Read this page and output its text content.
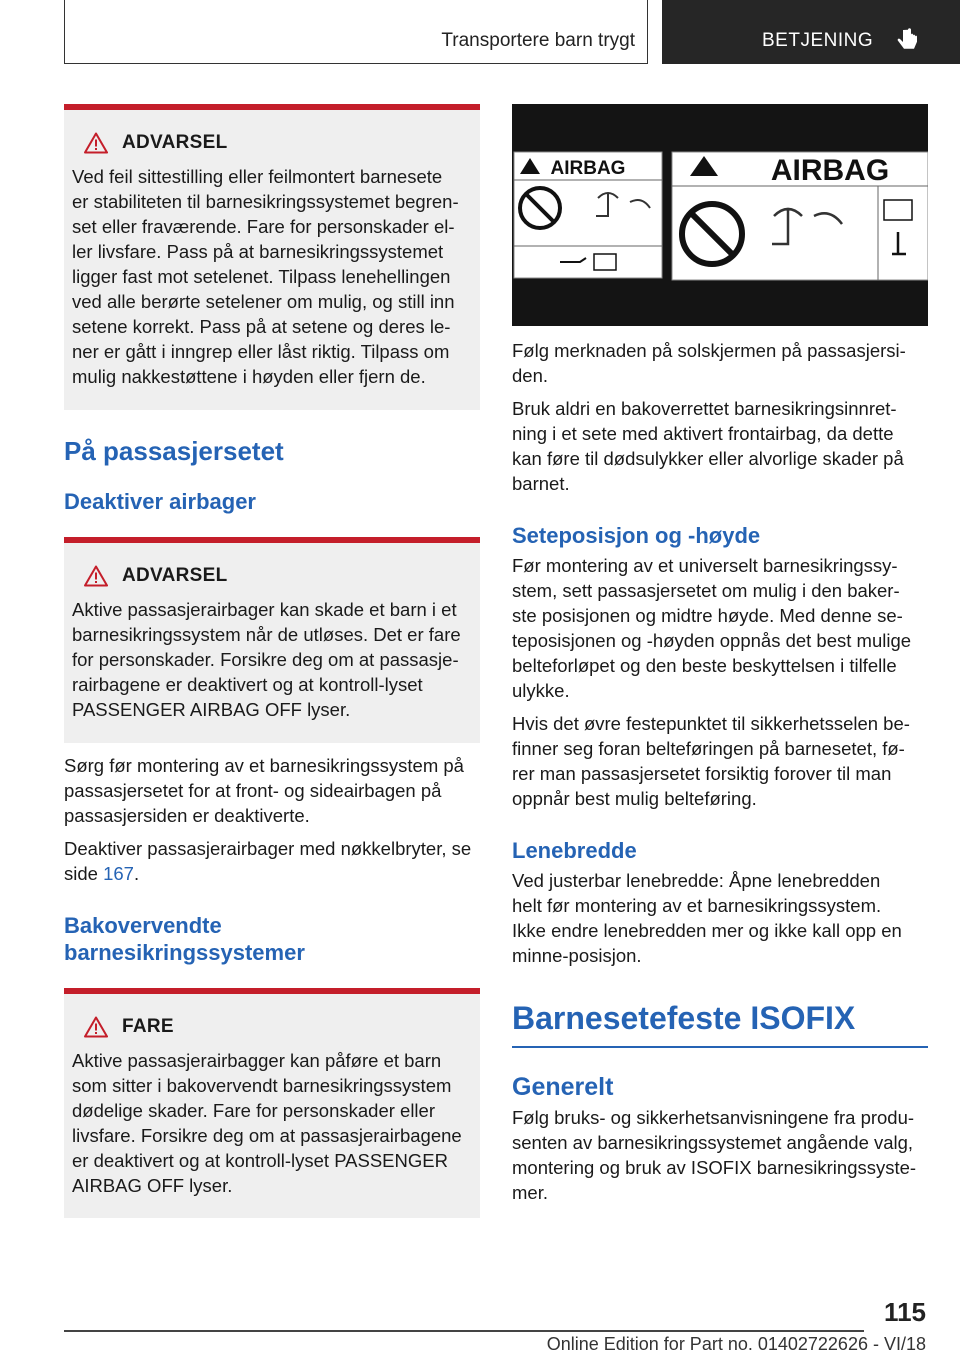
Transportere barn trygt	BETJENING
ADVARSEL

Ved feil sittestilling eller feilmontert barnesete
er stabiliteten til barnesikringssystemet begren-
set eller fraværende. Fare for personskader el-
ler livsfare. Pass på at barnesikringssystemet
ligger fast mot setelenet. Tilpass lenehellingen
ved alle berørte setelener om mulig, og still inn
setene korrekt. Pass på at setene og deres le-
ner er gått i inngrep eller låst riktig. Tilpass om
mulig nakkestøttene i høyden eller fjern de.

På passasjersetet
Deaktiver airbager
ADVARSEL

Aktive passasjerairbager kan skade et barn i et
barnesikringssystem når de utløses. Det er fare
for personskader. Forsikre deg om at passasje-
rairbagene er deaktivert og at kontroll-lyset
PASSENGER AIRBAG OFF lyser.

Sørg før montering av et barnesikringssystem på
passasjersetet for at front- og sideairbagen på
passasjersiden er deaktiverte.

Deaktiver passasjerairbager med nøkkelbryter, se
side 167.

Bakovervendte
barnesikringssystemer
FARE

Aktive passasjerairbagger kan påføre et barn
som sitter i bakovervendt barnesikringssystem
dødelige skader. Fare for personskader eller
livsfare. Forsikre deg om at passasjerairbagene
er deaktivert og at kontroll-lyset PASSENGER
AIRBAG OFF lyser.

AIRBAG	AIRBAG

Følg merknaden på solskjermen på passasjersi-
den.

Bruk aldri en bakoverrettet barnesikringsinnret-
ning i et sete med aktivert frontairbag, da dette
kan føre til dødsulykker eller alvorlige skader på
barnet.

Seteposisjon og -høyde

Før montering av et universelt barnesikringssy-
stem, sett passasjersetet om mulig i den baker-
ste posisjonen og midtre høyde. Med denne se-
teposisjonen og -høyden oppnås det best mulige
belteforløpet og den beste beskyttelsen i tilfelle
ulykke.

Hvis det øvre festepunktet til sikkerhetsselen be-
finner seg foran belteføringen på barnesetet, fø-
rer man passasjersetet forsiktig forover til man
oppnår best mulig belteføring.

Lenebredde

Ved justerbar lenebredde: Åpne lenebredden
helt før montering av et barnesikringssystem.
Ikke endre lenebredden mer og ikke kall opp en
minne-posisjon.

Barnesetefeste ISOFIX
Generelt

Følg bruks- og sikkerhetsanvisningene fra produ-
senten av barnesikringssystemet angående valg,
montering og bruk av ISOFIX barnesikringssyste-
mer.

115
Online Edition for Part no. 01402722626 - VI/18
